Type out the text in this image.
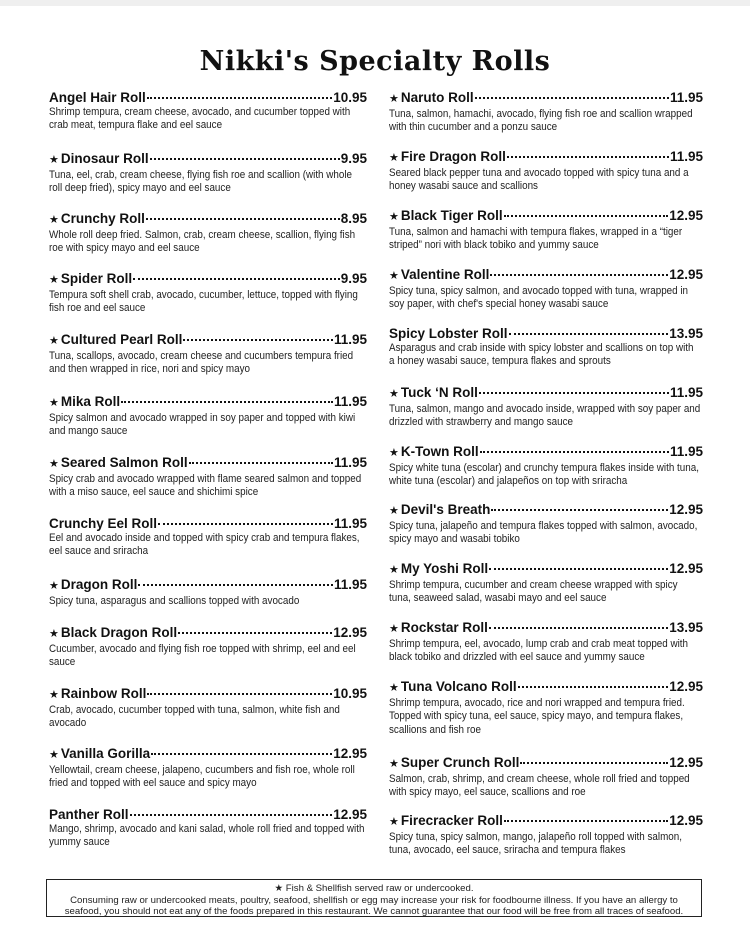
Nikki's Specialty Rolls
Angel Hair Roll	10.95
Shrimp tempura, cream cheese, avocado, and cucumber topped with crab meat, tempura flake and eel sauce
★ Dinosaur Roll	9.95
Tuna, eel, crab, cream cheese, flying fish roe and scallion (with whole roll deep fried), spicy mayo and eel sauce
★ Crunchy Roll	8.95
Whole roll deep fried. Salmon, crab, cream cheese, scallion, flying fish roe with spicy mayo and eel sauce
★ Spider Roll	9.95
Tempura soft shell crab, avocado, cucumber, lettuce, topped with flying fish roe and eel sauce
★ Cultured Pearl Roll	11.95
Tuna, scallops, avocado, cream cheese and cucumbers tempura fried and then wrapped in rice, nori and spicy mayo
★ Mika Roll	11.95
Spicy salmon and avocado wrapped in soy paper and topped with kiwi and mango sauce
★ Seared Salmon Roll	11.95
Spicy crab and avocado wrapped with flame seared salmon and topped with a miso sauce, eel sauce and shichimi spice
Crunchy Eel Roll	11.95
Eel and avocado inside and topped with spicy crab and tempura flakes, eel sauce and sriracha
★ Dragon Roll	11.95
Spicy tuna, asparagus and scallions topped with avocado
★ Black Dragon Roll	12.95
Cucumber, avocado and flying fish roe topped with shrimp, eel and eel sauce
★ Rainbow Roll	10.95
Crab, avocado, cucumber topped with tuna, salmon, white fish and avocado
★ Vanilla Gorilla	12.95
Yellowtail, cream cheese, jalapeno, cucumbers and fish roe, whole roll fried and topped with eel sauce and spicy mayo
Panther Roll	12.95
Mango, shrimp, avocado and kani salad, whole roll fried and topped with yummy sauce
★ Naruto Roll	11.95
Tuna, salmon, hamachi, avocado, flying fish roe and scallion wrapped with thin cucumber and a ponzu sauce
★ Fire Dragon Roll	11.95
Seared black pepper tuna and avocado topped with spicy tuna and a honey wasabi sauce and scallions
★ Black Tiger Roll	12.95
Tuna, salmon and hamachi with tempura flakes, wrapped in a “tiger striped” nori with black tobiko and yummy sauce
★ Valentine Roll	12.95
Spicy tuna, spicy salmon, and avocado topped with tuna, wrapped in soy paper, with chef's special honey wasabi sauce
Spicy Lobster Roll	13.95
Asparagus and crab inside with spicy lobster and scallions on top with a honey wasabi sauce, tempura flakes and sprouts
★ Tuck ‘N Roll	11.95
Tuna, salmon, mango and avocado inside, wrapped with soy paper and drizzled with strawberry and mango sauce
★ K-Town Roll	11.95
Spicy white tuna (escolar) and crunchy tempura flakes inside with tuna, white tuna (escolar) and jalapeños on top with sriracha
★ Devil's Breath	12.95
Spicy tuna, jalapeño and tempura flakes topped with salmon, avocado, spicy mayo and wasabi tobiko
★ My Yoshi Roll	12.95
Shrimp tempura, cucumber and cream cheese wrapped with spicy tuna, seaweed salad, wasabi mayo and eel sauce
★ Rockstar Roll	13.95
Shrimp tempura, eel, avocado, lump crab and crab meat topped with black tobiko and drizzled with eel sauce and yummy sauce
★ Tuna Volcano Roll	12.95
Shrimp tempura, avocado, rice and nori wrapped and tempura fried. Topped with spicy tuna, eel sauce, spicy mayo, and tempura flakes, scallions and fish roe
★ Super Crunch Roll	12.95
Salmon, crab, shrimp, and cream cheese, whole roll fried and topped with spicy mayo, eel sauce, scallions and roe
★ Firecracker Roll	12.95
Spicy tuna, spicy salmon, mango, jalapeño roll topped with salmon, tuna, avocado, eel sauce, sriracha and tempura flakes
★ Fish & Shellfish served raw or undercooked.
Consuming raw or undercooked meats, poultry, seafood, shellfish or egg may increase your risk for foodbourne illness. If you have an allergy to
seafood, you should not eat any of the foods prepared in this restaurant. We cannot guarantee that our food will be free from all traces of seafood.
